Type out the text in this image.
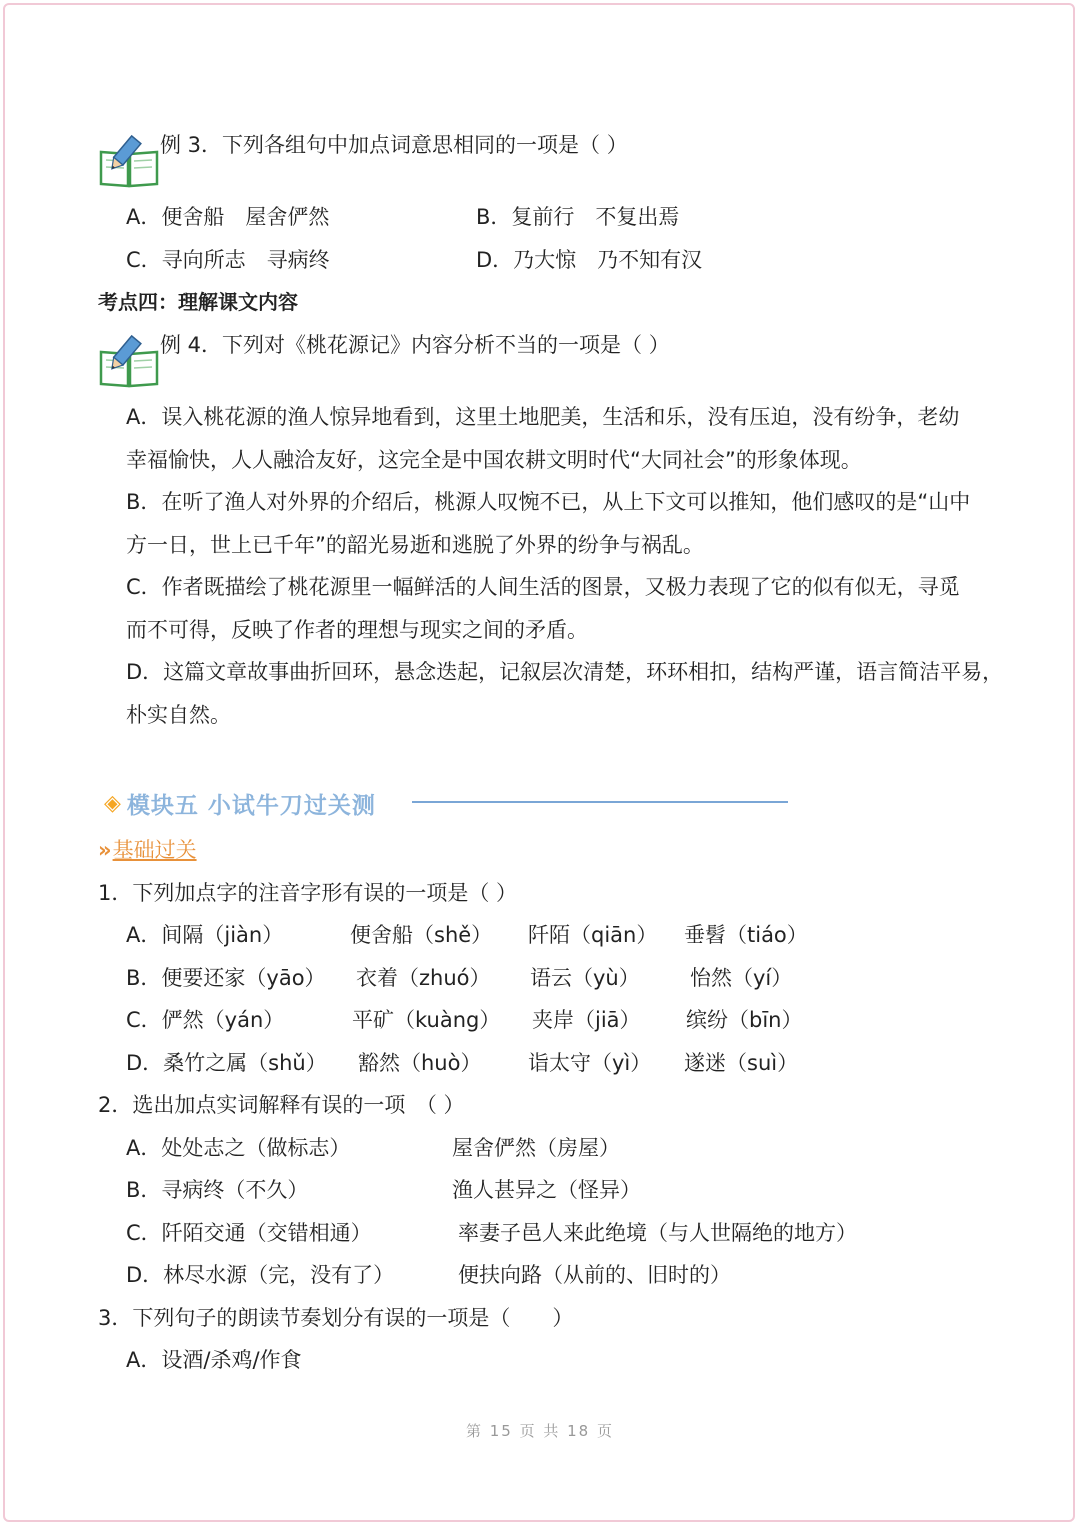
例 3．下列各组句中加点词意思相同的一项是（ ）
A．便舍船　屋舍俨然	B．复前行　不复出焉
C．寻向所志　寻病终	D．乃大惊　乃不知有汉
考点四：理解课文内容
例 4．下列对《桃花源记》内容分析不当的一项是（ ）
A．误入桃花源的渔人惊异地看到，这里土地肥美，生活和乐，没有压迫，没有纷争，老幼
幸福愉快，人人融洽友好，这完全是中国农耕文明时代“大同社会”的形象体现。
B．在听了渔人对外界的介绍后，桃源人叹惋不已，从上下文可以推知，他们感叹的是“山中
方一日，世上已千年”的韶光易逝和逃脱了外界的纷争与祸乱。
C．作者既描绘了桃花源里一幅鲜活的人间生活的图景，又极力表现了它的似有似无，寻觅
而不可得，反映了作者的理想与现实之间的矛盾。
D．这篇文章故事曲折回环，悬念迭起，记叙层次清楚，环环相扣，结构严谨，语言简洁平易，
朴实自然。
◈ 模块五 小试牛刀过关测
» 基础过关
1．下列加点字的注音字形有误的一项是（ ）
A．间隔（jiàn）	便舍船（shě） 阡陌（qiān） 垂髫（tiáo）
B．便要还家（yāo） 衣着（zhuó） 语云（yù） 怡然（yí）
C．俨然（yán）	平矿（kuàng） 夹岸（jiā） 缤纷（bīn）
D．桑竹之属（shǔ） 豁然（huò） 诣太守（yì） 遂迷（suì）
2．选出加点实词解释有误的一项　（ ）
A．处处志之（做标志）	屋舍俨然（房屋）
B．寻病终（不久）	渔人甚异之（怪异）
C．阡陌交通（交错相通）	率妻子邑人来此绝境（与人世隔绝的地方）
D．林尽水源（完，没有了）	便扶向路（从前的、旧时的）
3．下列句子的朗读节奏划分有误的一项是（　　）
A．设酒/杀鸡/作食
第 15 页 共 18 页
